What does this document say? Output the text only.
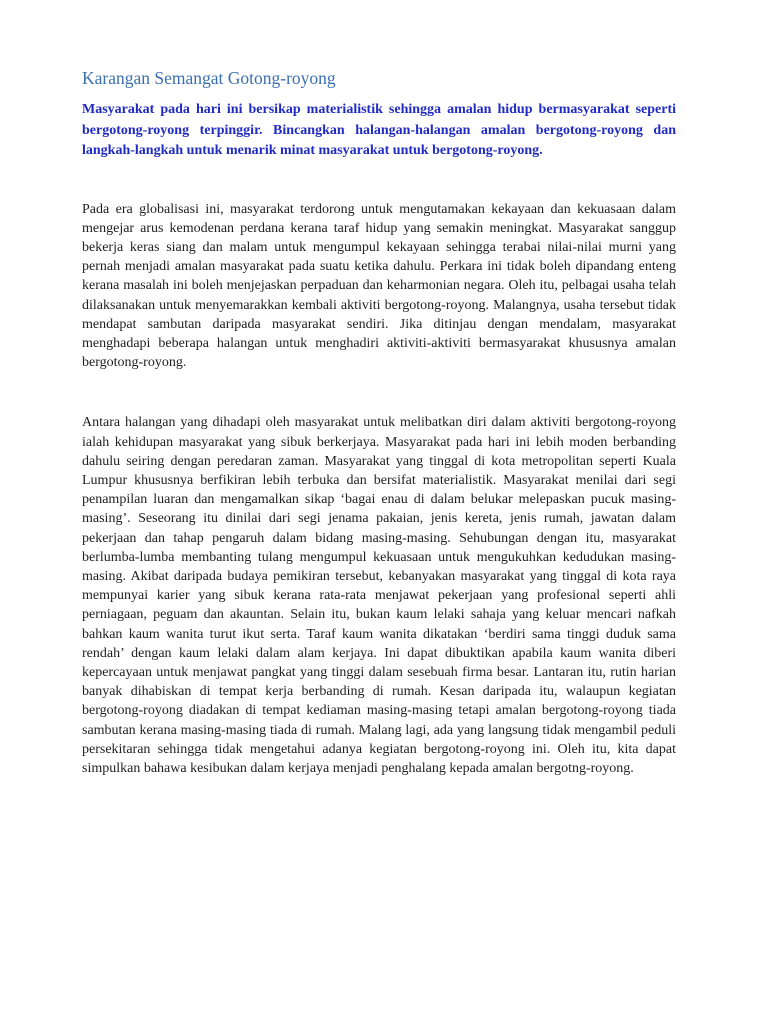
Karangan Semangat Gotong-royong

Masyarakat pada hari ini bersikap materialistik sehingga amalan hidup bermasyarakat seperti bergotong-royong terpinggir. Bincangkan halangan-halangan amalan bergotong-royong dan langkah-langkah untuk menarik minat masyarakat untuk bergotong-royong.

Pada era globalisasi ini, masyarakat terdorong untuk mengutamakan kekayaan dan kekuasaan dalam mengejar arus kemodenan perdana kerana taraf hidup yang semakin meningkat. Masyarakat sanggup bekerja keras siang dan malam untuk mengumpul kekayaan sehingga terabai nilai-nilai murni yang pernah menjadi amalan masyarakat pada suatu ketika dahulu. Perkara ini tidak boleh dipandang enteng kerana masalah ini boleh menjejaskan perpaduan dan keharmonian negara. Oleh itu, pelbagai usaha telah dilaksanakan untuk menyemarakkan kembali aktiviti bergotong-royong. Malangnya, usaha tersebut tidak mendapat sambutan daripada masyarakat sendiri. Jika ditinjau dengan mendalam, masyarakat menghadapi beberapa halangan untuk menghadiri aktiviti-aktiviti bermasyarakat khususnya amalan bergotong-royong.

Antara halangan yang dihadapi oleh masyarakat untuk melibatkan diri dalam aktiviti bergotong-royong ialah kehidupan masyarakat yang sibuk berkerjaya. Masyarakat pada hari ini lebih moden berbanding dahulu seiring dengan peredaran zaman. Masyarakat yang tinggal di kota metropolitan seperti Kuala Lumpur khususnya berfikiran lebih terbuka dan bersifat materialistik. Masyarakat menilai dari segi penampilan luaran dan mengamalkan sikap ‘bagai enau di dalam belukar melepaskan pucuk masing-masing’. Seseorang itu dinilai dari segi jenama pakaian, jenis kereta, jenis rumah, jawatan dalam pekerjaan dan tahap pengaruh dalam bidang masing-masing. Sehubungan dengan itu, masyarakat berlumba-lumba membanting tulang mengumpul kekuasaan untuk mengukuhkan kedudukan masing-masing. Akibat daripada budaya pemikiran tersebut, kebanyakan masyarakat yang tinggal di kota raya mempunyai karier yang sibuk kerana rata-rata menjawat pekerjaan yang profesional seperti ahli perniagaan, peguam dan akauntan. Selain itu, bukan kaum lelaki sahaja yang keluar mencari nafkah bahkan kaum wanita turut ikut serta. Taraf kaum wanita dikatakan ‘berdiri sama tinggi duduk sama rendah’ dengan kaum lelaki dalam alam kerjaya. Ini dapat dibuktikan apabila kaum wanita diberi kepercayaan untuk menjawat pangkat yang tinggi dalam sesebuah firma besar. Lantaran itu, rutin harian banyak dihabiskan di tempat kerja berbanding di rumah. Kesan daripada itu, walaupun kegiatan bergotong-royong diadakan di tempat kediaman masing-masing tetapi amalan bergotong-royong tiada sambutan kerana masing-masing tiada di rumah. Malang lagi, ada yang langsung tidak mengambil peduli persekitaran sehingga tidak mengetahui adanya kegiatan bergotong-royong ini. Oleh itu, kita dapat simpulkan bahawa kesibukan dalam kerjaya menjadi penghalang kepada amalan bergotng-royong.
